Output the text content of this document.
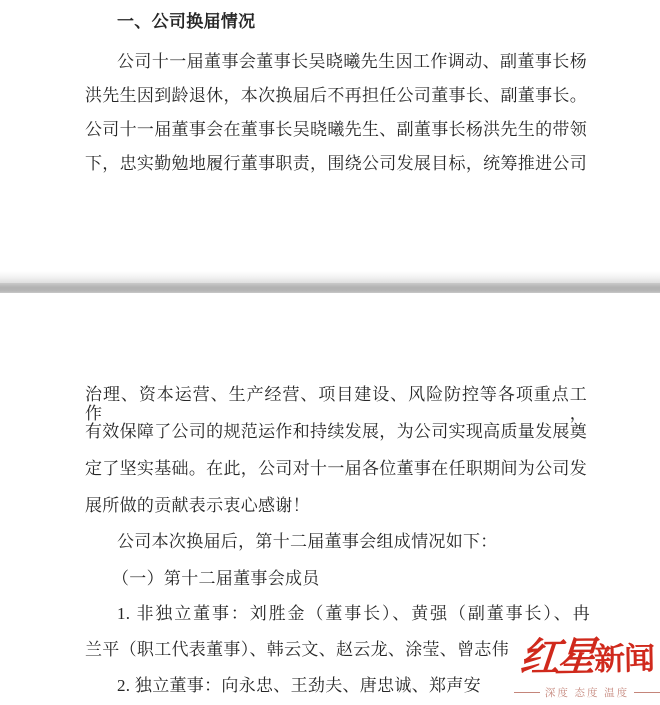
一、公司换届情况
公司十一届董事会董事长吴晓曦先生因工作调动、副董事长杨
洪先生因到龄退休，本次换届后不再担任公司董事长、副董事长。
公司十一届董事会在董事长吴晓曦先生、副董事长杨洪先生的带领
下，忠实勤勉地履行董事职责，围绕公司发展目标，统筹推进公司
治理、资本运营、生产经营、项目建设、风险防控等各项重点工作，
有效保障了公司的规范运作和持续发展，为公司实现高质量发展奠
定了坚实基础。在此，公司对十一届各位董事在任职期间为公司发
展所做的贡献表示衷心感谢！
公司本次换届后，第十二届董事会组成情况如下：
（一）第十二届董事会成员
1. 非独立董事：刘胜金（董事长）、黄强（副董事长）、冉
兰平（职工代表董事）、韩云文、赵云龙、涂莹、曾志伟
2. 独立董事：向永忠、王劲夫、唐忠诚、郑声安
红星 新闻
深度 态度 温度
